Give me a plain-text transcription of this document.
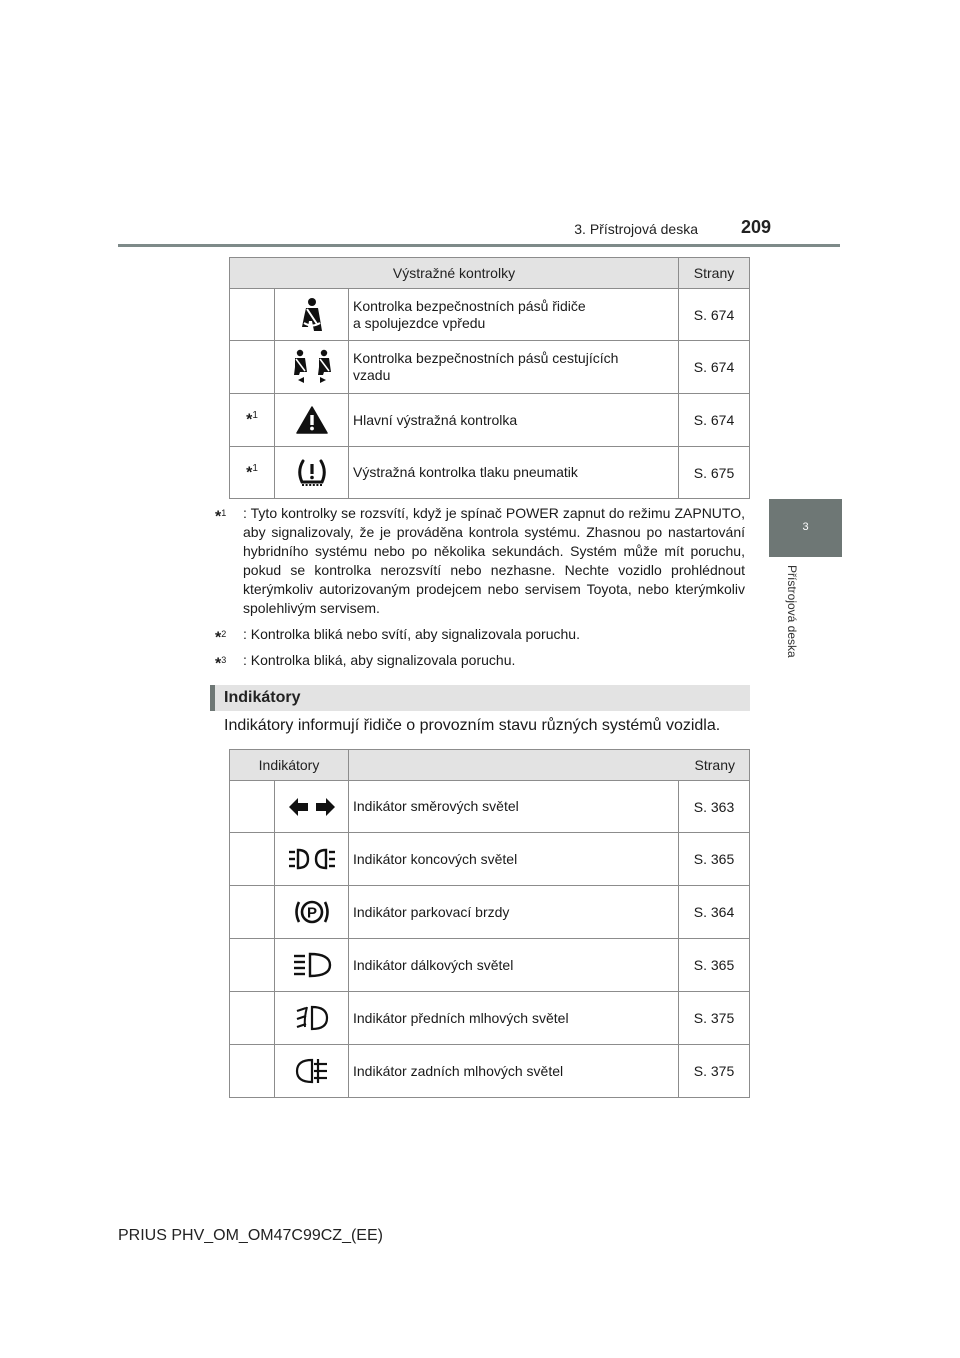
3. Přístrojová deska 209
3
Přístrojová deska
Výstražné kontrolky			Strany
		Kontrolka bezpečnostních pásů řidiče
a spolujezdce vpředu	S. 674
		Kontrolka bezpečnostních pásů cestujících
vzadu	S. 674
*$^1$		Hlavní výstražná kontrolka	S. 674
*$^1$		Výstražná kontrolka tlaku pneumatik	S. 675
*$^1$ : Tyto kontrolky se rozsvítí, když je spínač POWER zapnut do režimu ZAPNUTO, aby signalizovaly, že je prováděna kontrola systému. Zhasnou po nastartování hybridního systému nebo po několika sekundách. Systém může mít poruchu, pokud se kontrolka nerozsvítí nebo nezhasne. Nechte vozidlo prohlédnout kterýmkoliv autorizovaným prodejcem nebo servisem Toyota, nebo kterýmkoliv spolehlivým servisem.
*$^2$ : Kontrolka bliká nebo svítí, aby signalizovala poruchu.
*$^3$ : Kontrolka bliká, aby signalizovala poruchu.
Indikátory
Indikátory informují řidiče o provozním stavu různých systémů vozidla.
Indikátory		Strany	
		Indikátor směrových světel	S. 363
		Indikátor koncových světel	S. 365

P	Indikátor parkovací brzdy	S. 364
		Indikátor dálkových světel	S. 365
		Indikátor předních mlhových světel	S. 375
		Indikátor zadních mlhových světel	S. 375
PRIUS PHV_OM_OM47C99CZ_(EE)
